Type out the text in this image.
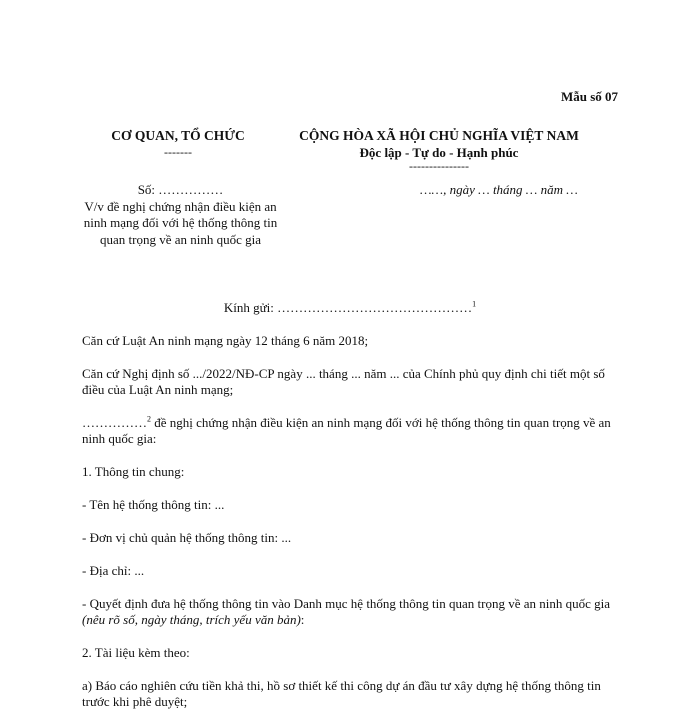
Mẫu số 07
CƠ QUAN, TỔ CHỨC
-------
CỘNG HÒA XÃ HỘI CHỦ NGHĨA VIỆT NAM
Độc lập - Tự do - Hạnh phúc
---------------
Số: ……………
V/v đề nghị chứng nhận điều kiện an ninh mạng đối với hệ thống thông tin quan trọng về an ninh quốc gia
……, ngày … tháng … năm …
Kính gửi: ………………………………………$^1$

Căn cứ Luật An ninh mạng ngày 12 tháng 6 năm 2018;

Căn cứ Nghị định số .../2022/NĐ-CP ngày ... tháng ... năm ... của Chính phủ quy định chi tiết một số điều của Luật An ninh mạng;

……………$^2$ đề nghị chứng nhận điều kiện an ninh mạng đối với hệ thống thông tin quan trọng về an ninh quốc gia:

1. Thông tin chung:

- Tên hệ thống thông tin: ...

- Đơn vị chủ quản hệ thống thông tin: ...

- Địa chỉ: ...

- Quyết định đưa hệ thống thông tin vào Danh mục hệ thống thông tin quan trọng về an ninh quốc gia (nêu rõ số, ngày tháng, trích yếu văn bản):

2. Tài liệu kèm theo:

a) Báo cáo nghiên cứu tiền khả thi, hồ sơ thiết kế thi công dự án đầu tư xây dựng hệ thống thông tin trước khi phê duyệt;
